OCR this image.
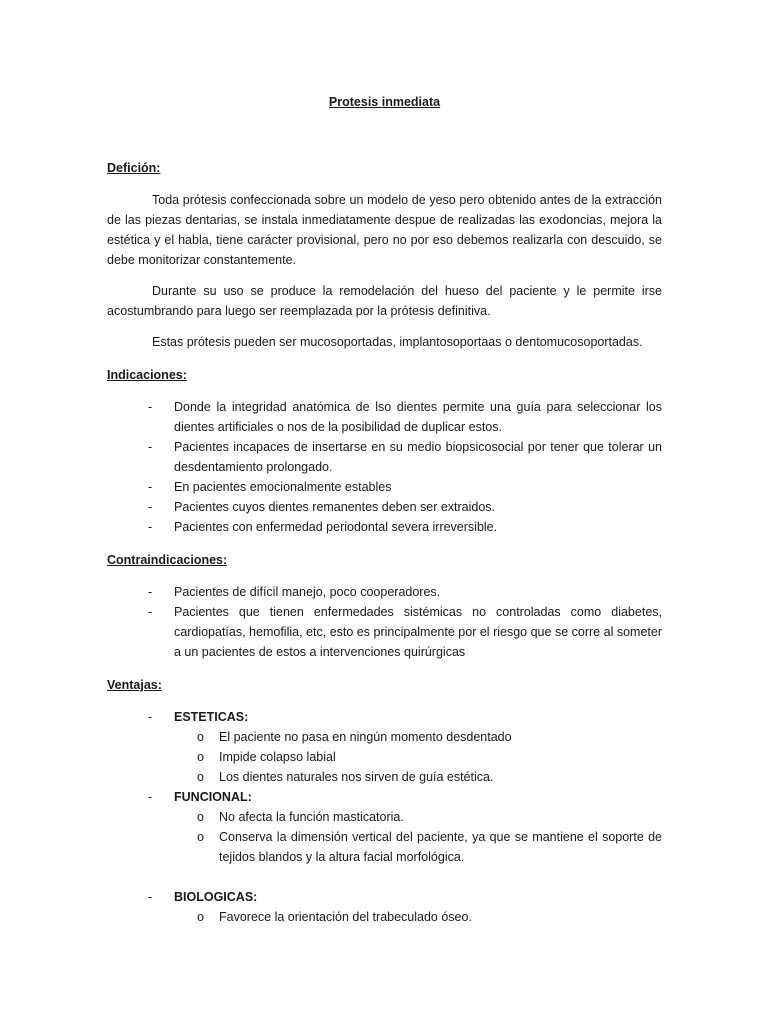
Protesis inmediata
Defición:

Toda prótesis confeccionada sobre un modelo de yeso pero obtenido antes de la extracción de las piezas dentarias, se instala inmediatamente despue de realizadas las exodoncias, mejora la estética y el habla, tiene carácter provisional, pero no por eso debemos realizarla con descuido, se debe monitorizar constantemente.

Durante su uso se produce la remodelación del hueso del paciente y le permite irse acostumbrando para luego ser reemplazada por la prótesis definitiva.

Estas prótesis pueden ser mucosoportadas, implantosoportaas o dentomucosoportadas.

Indicaciones:
- Donde la integridad anatómica de lso dientes permite una guía para seleccionar los dientes artificiales o nos de la posibilidad de duplicar estos.
- Pacientes incapaces de insertarse en su medio biopsicosocial por tener que tolerar un desdentamiento prolongado.
- En pacientes emocionalmente estables
- Pacientes cuyos dientes remanentes deben ser extraidos.
- Pacientes con enfermedad periodontal severa irreversible.
Contraindicaciones:
- Pacientes de difícil manejo, poco cooperadores.
- Pacientes que tienen enfermedades sistémicas no controladas como diabetes, cardiopatías, hemofilia, etc, esto es principalmente por el riesgo que se corre al someter a un pacientes de estos a intervenciones quirúrgicas
Ventajas:
- ESTETICAS:
o El paciente no pasa en ningún momento desdentado
o Impide colapso labial
o Los dientes naturales nos sirven de guía estética.
- FUNCIONAL:
o No afecta la función masticatoria.
o Conserva la dimensión vertical del paciente, ya que se mantiene el soporte de tejidos blandos y la altura facial morfológica.
- BIOLOGICAS:
o Favorece la orientación del trabeculado óseo.
